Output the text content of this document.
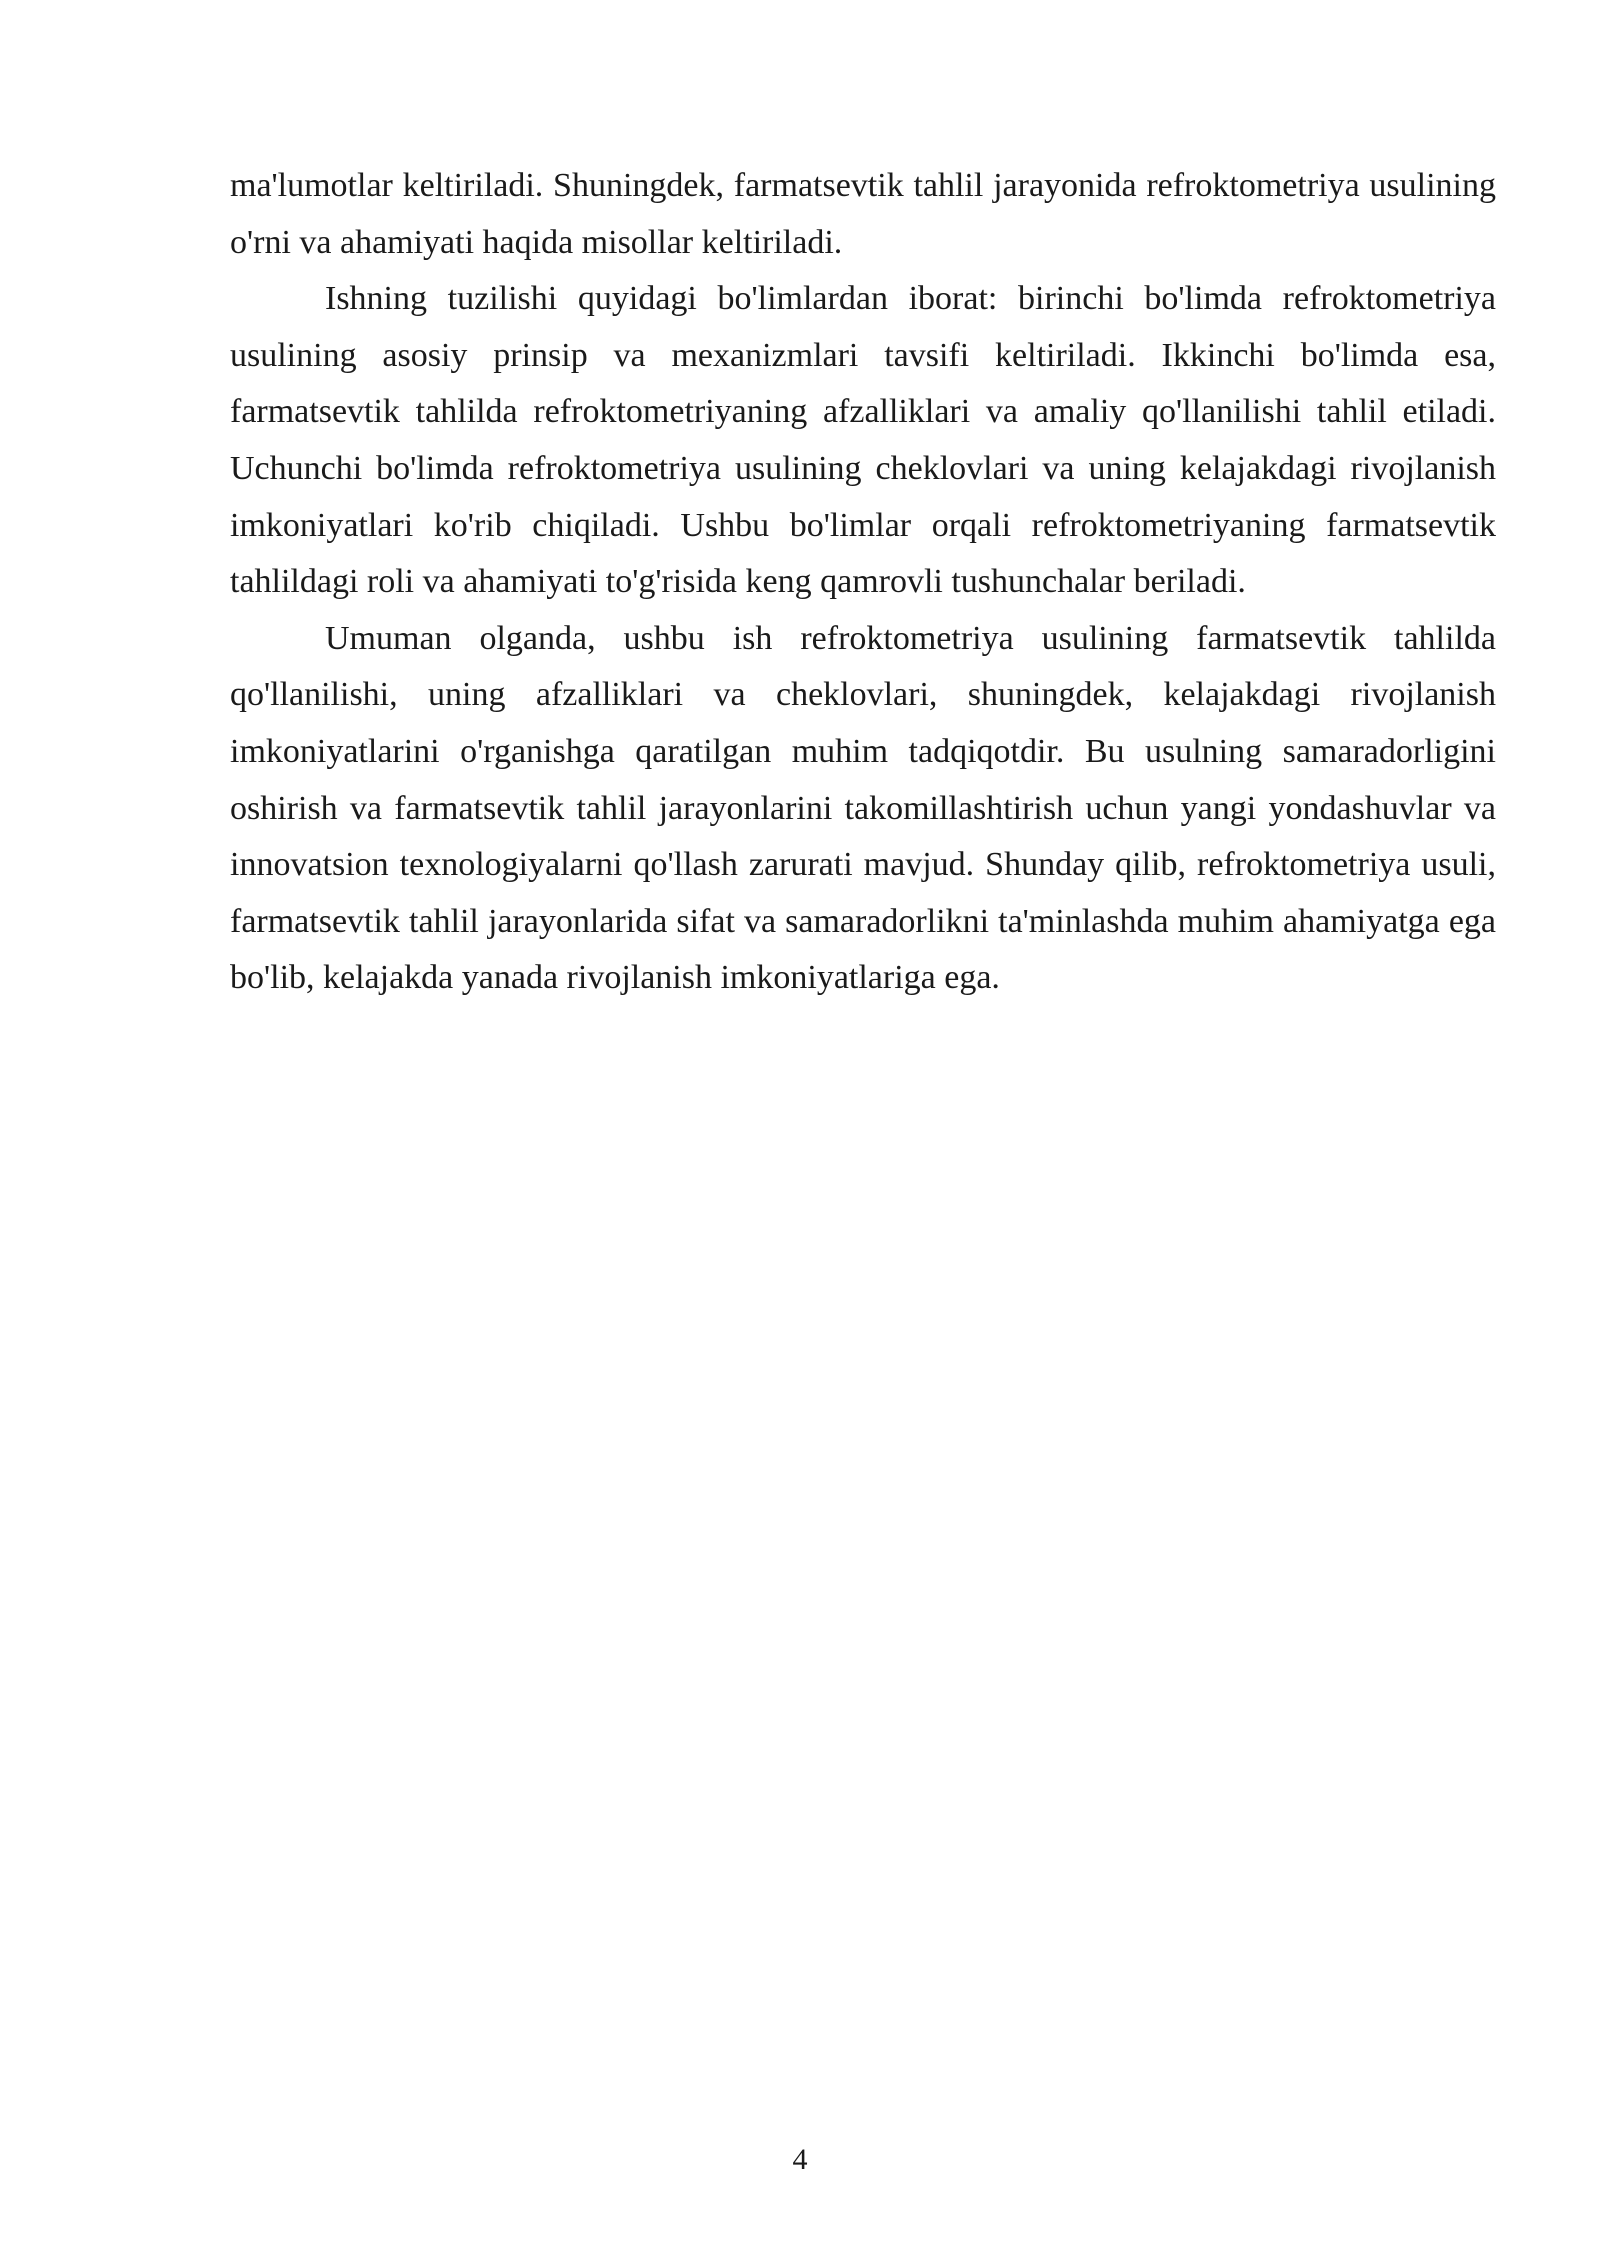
ma'lumotlar keltiriladi. Shuningdek, farmatsevtik tahlil jarayonida refroktometriya usulining o'rni va ahamiyati haqida misollar keltiriladi.

Ishning tuzilishi quyidagi bo'limlardan iborat: birinchi bo'limda refroktometriya usulining asosiy prinsip va mexanizmlari tavsifi keltiriladi. Ikkinchi bo'limda esa, farmatsevtik tahlilda refroktometriyaning afzalliklari va amaliy qo'llanilishi tahlil etiladi. Uchunchi bo'limda refroktometriya usulining cheklovlari va uning kelajakdagi rivojlanish imkoniyatlari ko'rib chiqiladi. Ushbu bo'limlar orqali refroktometriyaning farmatsevtik tahlildagi roli va ahamiyati to'g'risida keng qamrovli tushunchalar beriladi.

Umuman olganda, ushbu ish refroktometriya usulining farmatsevtik tahlilda qo'llanilishi, uning afzalliklari va cheklovlari, shuningdek, kelajakdagi rivojlanish imkoniyatlarini o'rganishga qaratilgan muhim tadqiqotdir. Bu usulning samaradorligini oshirish va farmatsevtik tahlil jarayonlarini takomillashtirish uchun yangi yondashuvlar va innovatsion texnologiyalarni qo'llash zarurati mavjud. Shunday qilib, refroktometriya usuli, farmatsevtik tahlil jarayonlarida sifat va samaradorlikni ta'minlashda muhim ahamiyatga ega bo'lib, kelajakda yanada rivojlanish imkoniyatlariga ega.

4
